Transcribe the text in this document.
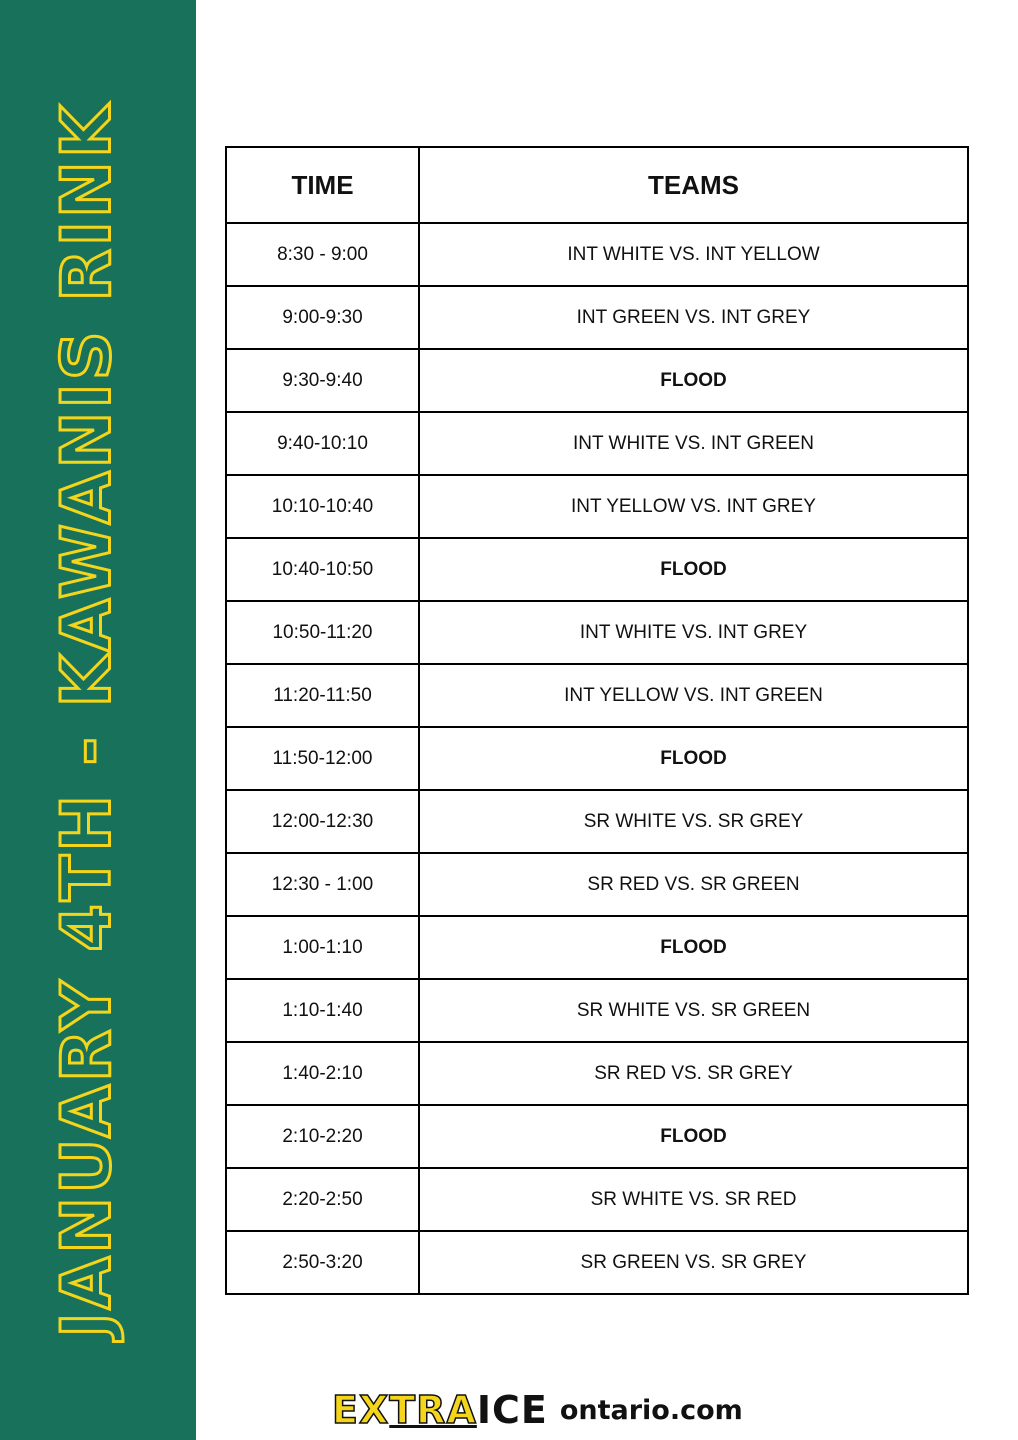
JANUARY 4TH - KAWANIS RINK	TIME	TEAMS
8:30 - 9:00	INT WHITE VS. INT YELLOW
9:00-9:30	INT GREEN VS. INT GREY
9:30-9:40	FLOOD
9:40-10:10	INT WHITE VS. INT GREEN
10:10-10:40	INT YELLOW VS. INT GREY
10:40-10:50	FLOOD
10:50-11:20	INT WHITE VS. INT GREY
11:20-11:50	INT YELLOW VS. INT GREEN
11:50-12:00	FLOOD
12:00-12:30	SR WHITE VS. SR GREY
12:30 - 1:00	SR RED VS. SR GREEN
1:00-1:10	FLOOD
1:10-1:40	SR WHITE VS. SR GREEN
1:40-2:10	SR RED VS. SR GREY
2:10-2:20	FLOOD
2:20-2:50	SR WHITE VS. SR RED
2:50-3:20	SR GREEN VS. SR GREY
EX TRA ICE ontario.com
